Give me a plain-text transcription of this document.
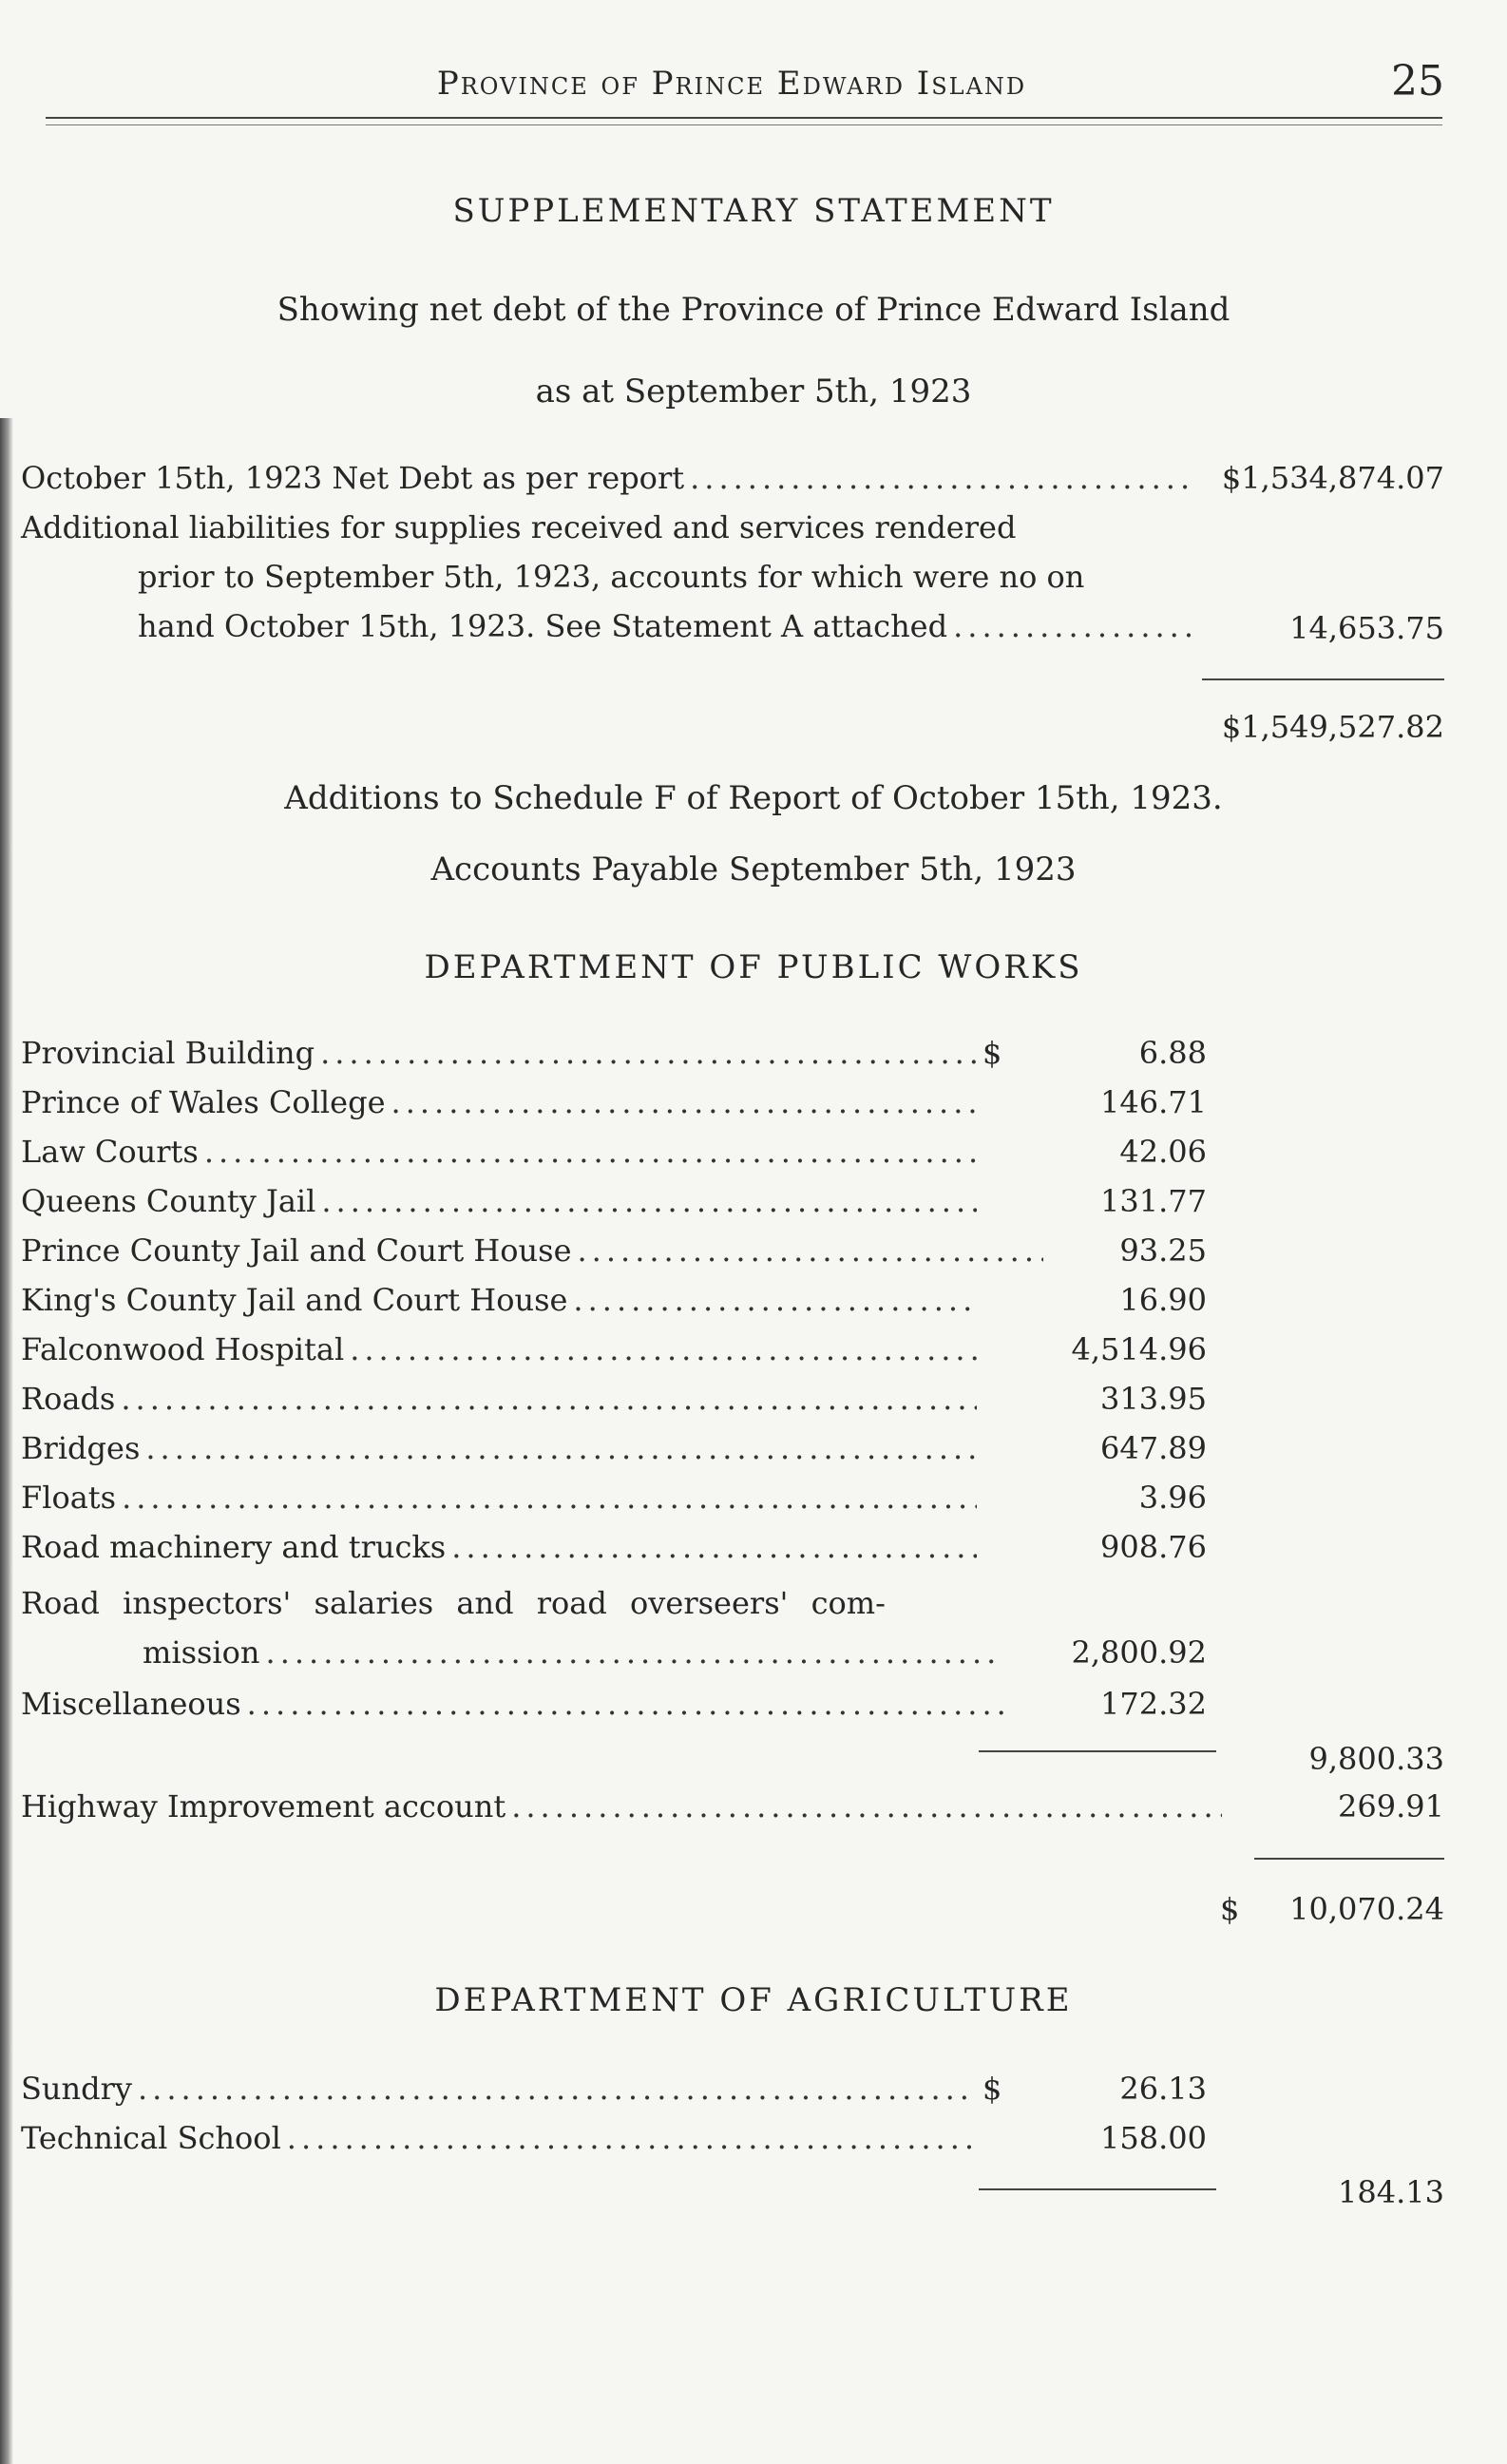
Province of Prince Edward Island	25
SUPPLEMENTARY STATEMENT
Showing net debt of the Province of Prince Edward Island
as at September 5th, 1923
October 15th, 1923 Net Debt as per report .....	$1,534,874.07
Additional liabilities for supplies received and services rendered
prior to September 5th, 1923, accounts for which were no on
hand October 15th, 1923. See Statement A attached .....	14,653.75
$1,549,527.82
Additions to Schedule F of Report of October 15th, 1923.
Accounts Payable September 5th, 1923
DEPARTMENT OF PUBLIC WORKS
Provincial Building .....	$	6.88
Prince of Wales College .....	146.71
Law Courts .....	42.06
Queens County Jail .....	131.77
Prince County Jail and Court House .....	93.25
King's County Jail and Court House .....	16.90
Falconwood Hospital .....	4,514.96
Roads .....	313.95
Bridges .....	647.89
Floats .....	3.96
Road machinery and trucks .....	908.76
Road inspectors' salaries and road overseers' com-
mission .....	2,800.92
Miscellaneous .....	172.32
9,800.33
Highway Improvement account .....	269.91
$	10,070.24
DEPARTMENT OF AGRICULTURE
Sundry .....	$	26.13
Technical School .....	158.00
184.13
